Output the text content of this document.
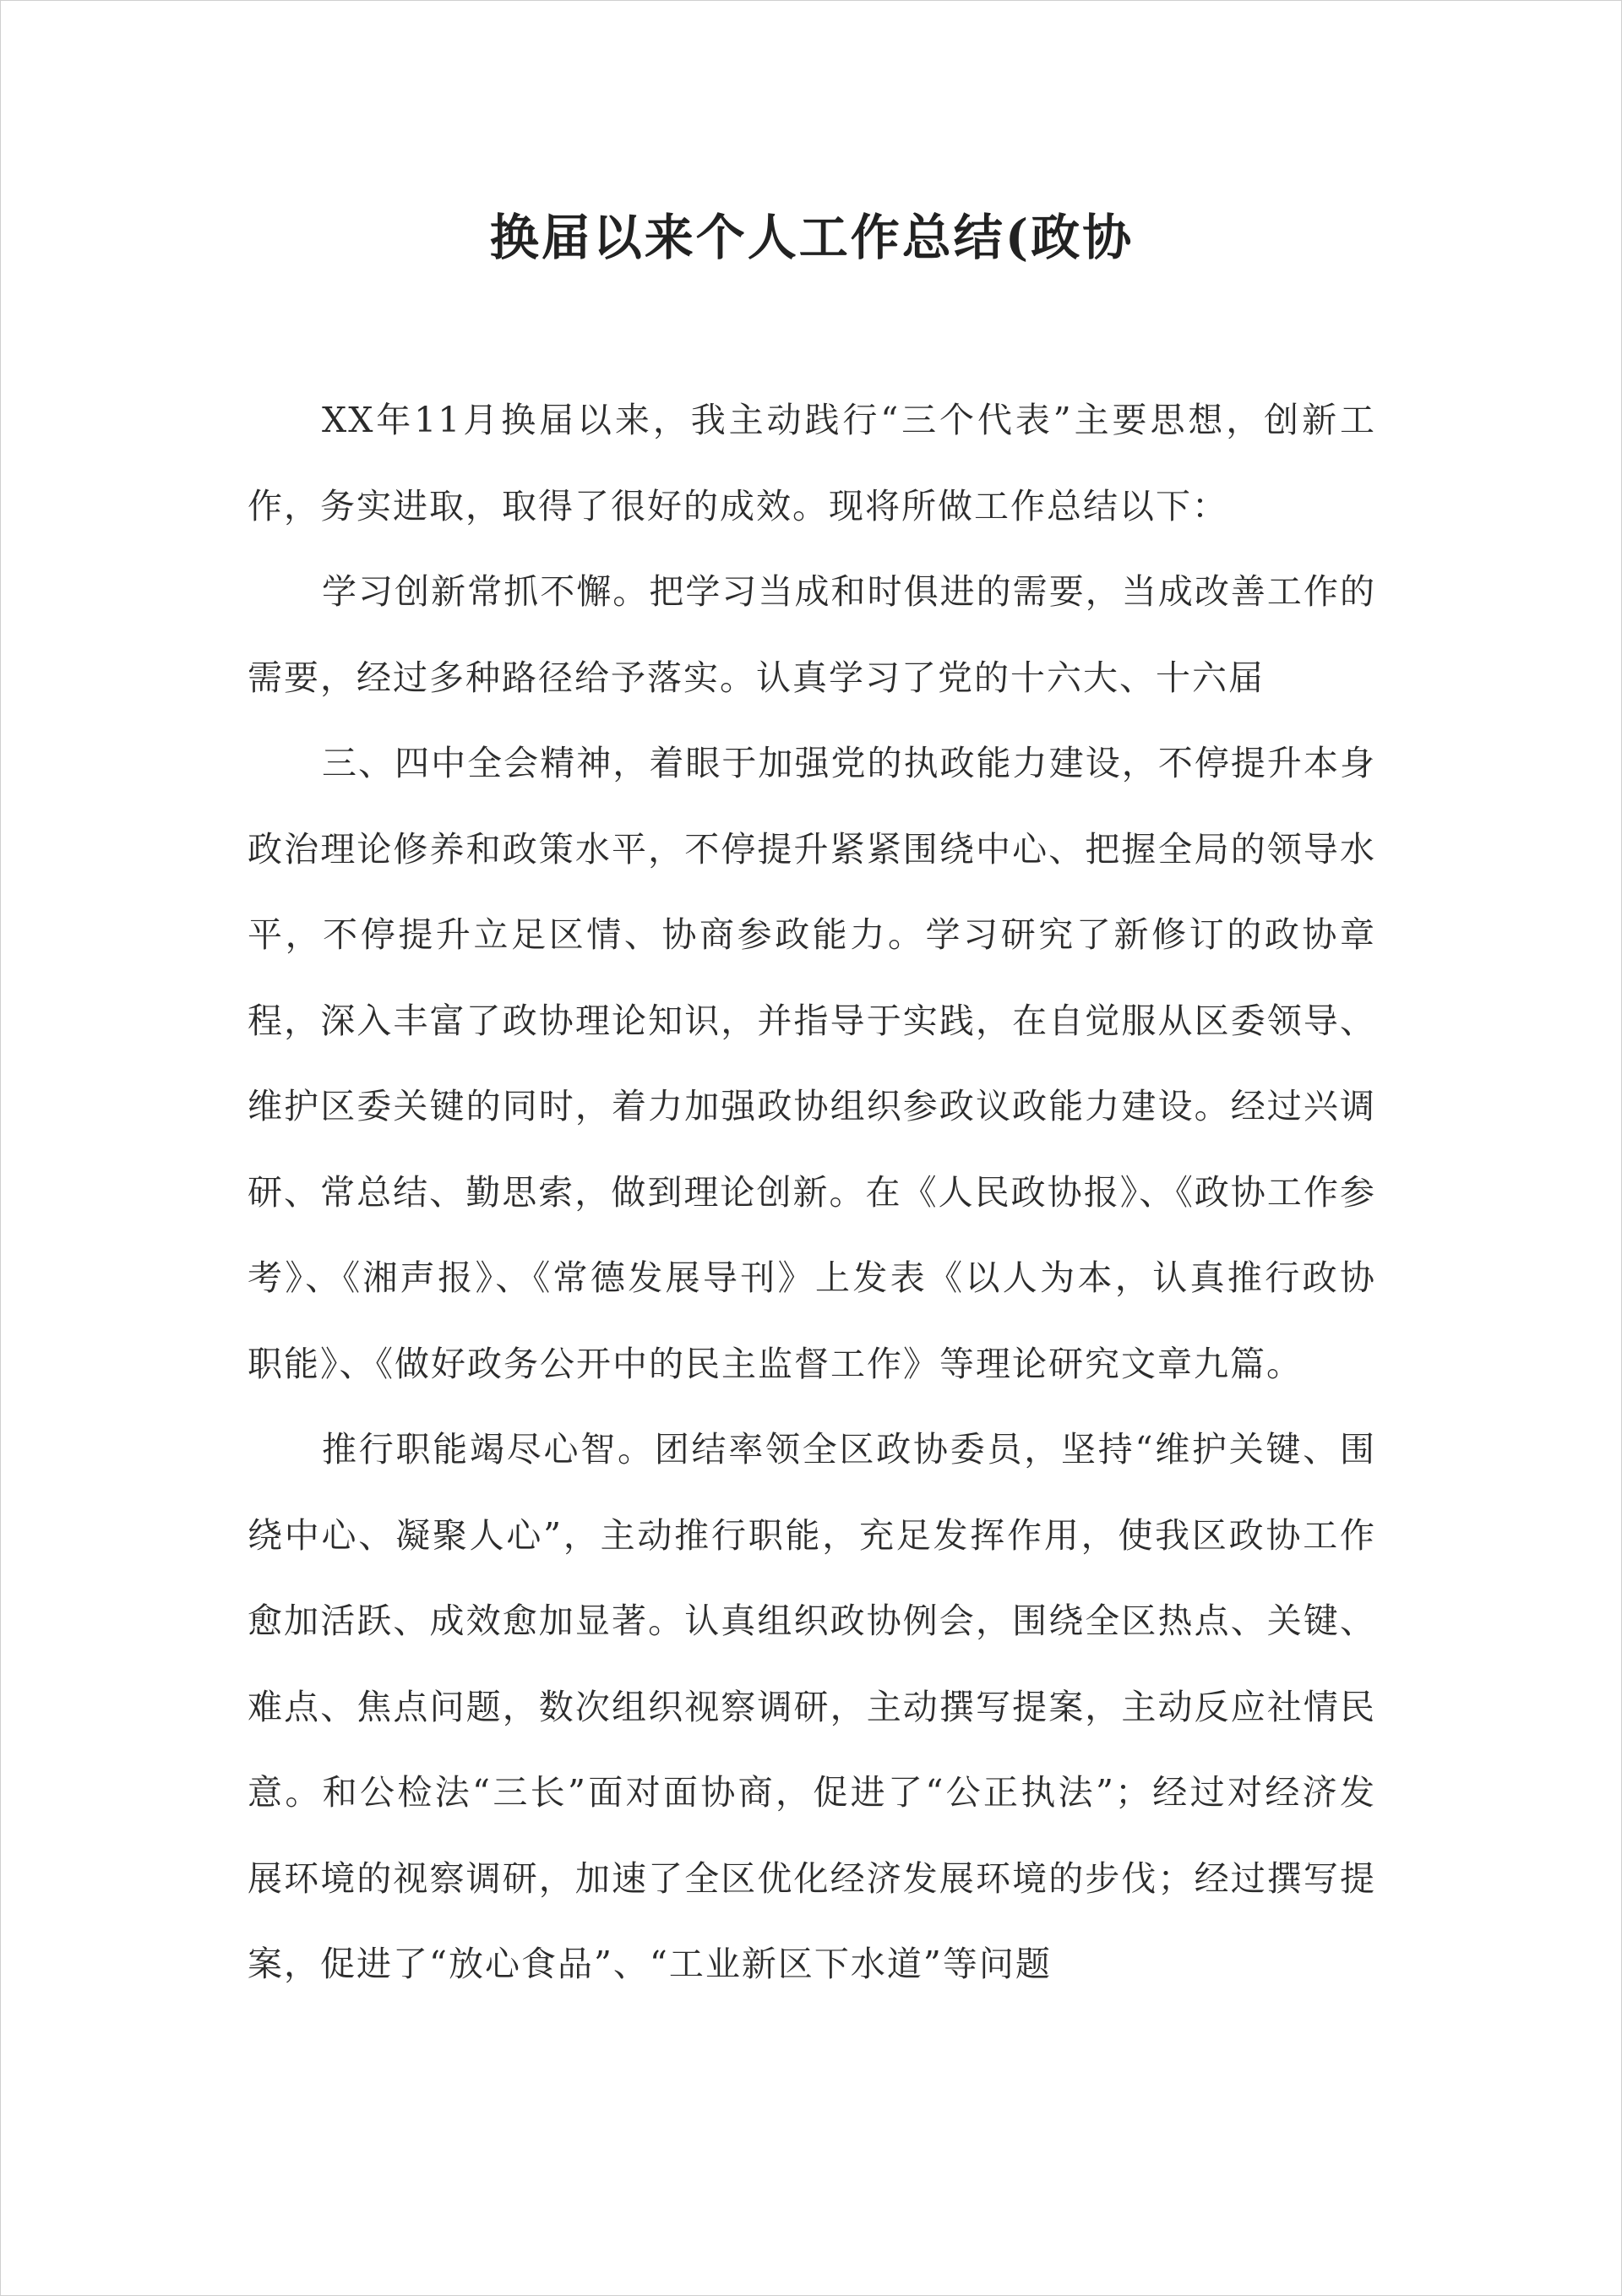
换届以来个人工作总结(政协

XX年11月换届以来，我主动践行“三个代表”主要思想，创新工作，务实进取，取得了很好的成效。现将所做工作总结以下：

学习创新常抓不懈。把学习当成和时俱进的需要，当成改善工作的需要，经过多种路径给予落实。认真学习了党的十六大、十六届

三、四中全会精神，着眼于加强党的执政能力建设，不停提升本身政治理论修养和政策水平，不停提升紧紧围绕中心、把握全局的领导水平，不停提升立足区情、协商参政能力。学习研究了新修订的政协章程，深入丰富了政协理论知识，并指导于实践，在自觉服从区委领导、维护区委关键的同时，着力加强政协组织参政议政能力建设。经过兴调研、常总结、勤思索，做到理论创新。在《人民政协报》、《政协工作参考》、《湘声报》、《常德发展导刊》上发表《以人为本，认真推行政协职能》、《做好政务公开中的民主监督工作》等理论研究文章九篇。

推行职能竭尽心智。团结率领全区政协委员，坚持“维护关键、围绕中心、凝聚人心”，主动推行职能，充足发挥作用，使我区政协工作愈加活跃、成效愈加显著。认真组织政协例会，围绕全区热点、关键、难点、焦点问题，数次组织视察调研，主动撰写提案，主动反应社情民意。和公检法“三长”面对面协商，促进了“公正执法”；经过对经济发展环境的视察调研，加速了全区优化经济发展环境的步伐；经过撰写提案，促进了“放心食品”、“工业新区下水道”等问题
